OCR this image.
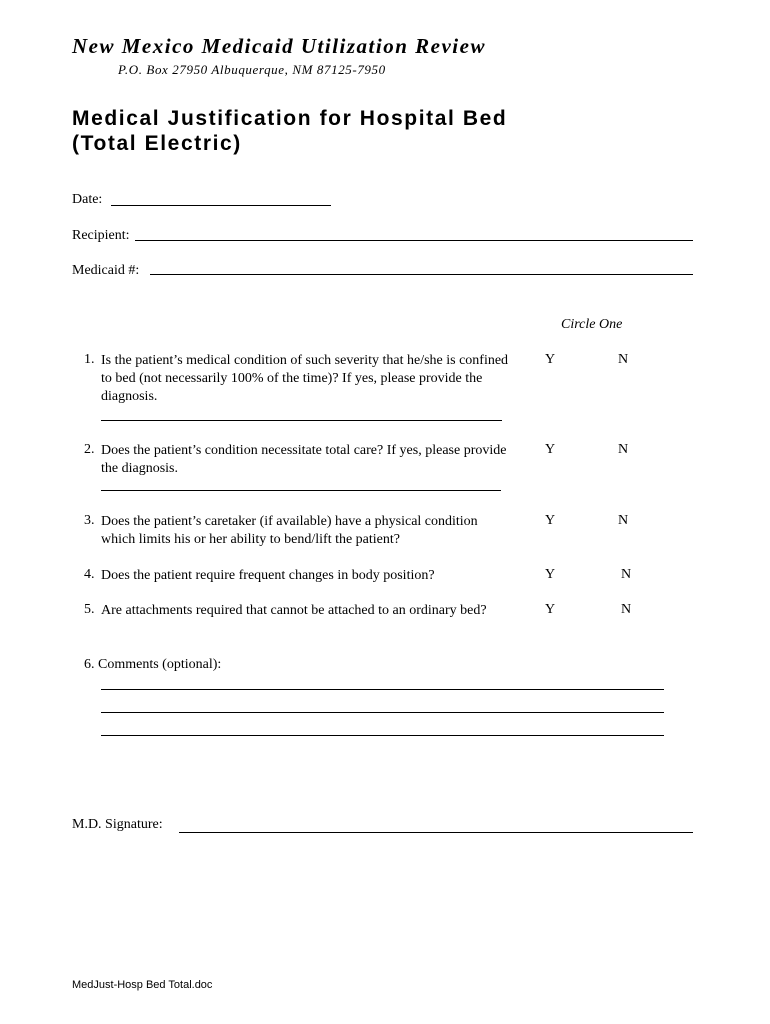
New Mexico Medicaid Utilization Review
P.O. Box 27950 Albuquerque, NM 87125-7950
Medical Justification for Hospital Bed
(Total Electric)
Date:
Recipient:
Medicaid #:
Circle One
1. Is the patient’s medical condition of such severity that he/she is confined to bed (not necessarily 100% of the time)? If yes, please provide the diagnosis.
Y	N
2. Does the patient’s condition necessitate total care? If yes, please provide the diagnosis.
Y	N
3. Does the patient’s caretaker (if available) have a physical condition which limits his or her ability to bend/lift the patient?
Y	N
4. Does the patient require frequent changes in body position?	Y	N
5. Are attachments required that cannot be attached to an ordinary bed?	Y	N
6. Comments (optional):
M.D. Signature:
MedJust-Hosp Bed Total.doc
